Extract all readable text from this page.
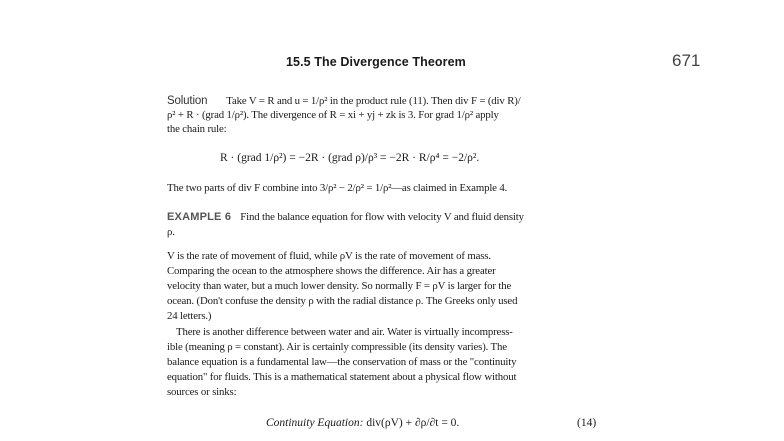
15.5 The Divergence Theorem	671
Solution Take V = R and u = 1/ρ² in the product rule (11). Then div F = (div R)/
ρ² + R · (grad 1/ρ²). The divergence of R = xi + yj + zk is 3. For grad 1/ρ² apply
the chain rule:
R · (grad 1/ρ²) = −2R · (grad ρ)/ρ³ = −2R · R/ρ⁴ = −2/ρ².
The two parts of div F combine into 3/ρ² − 2/ρ² = 1/ρ²—as claimed in Example 4.
EXAMPLE 6 Find the balance equation for flow with velocity V and fluid density
ρ.
V is the rate of movement of fluid, while ρV is the rate of movement of mass.
Comparing the ocean to the atmosphere shows the difference. Air has a greater
velocity than water, but a much lower density. So normally F = ρV is larger for the
ocean. (Don't confuse the density ρ with the radial distance ρ. The Greeks only used
24 letters.)
There is another difference between water and air. Water is virtually incompress-
ible (meaning ρ = constant). Air is certainly compressible (its density varies). The
balance equation is a fundamental law—the conservation of mass or the "continuity
equation" for fluids. This is a mathematical statement about a physical flow without
sources or sinks:
Continuity Equation: div(ρV) + ∂ρ/∂t = 0.	(14)
